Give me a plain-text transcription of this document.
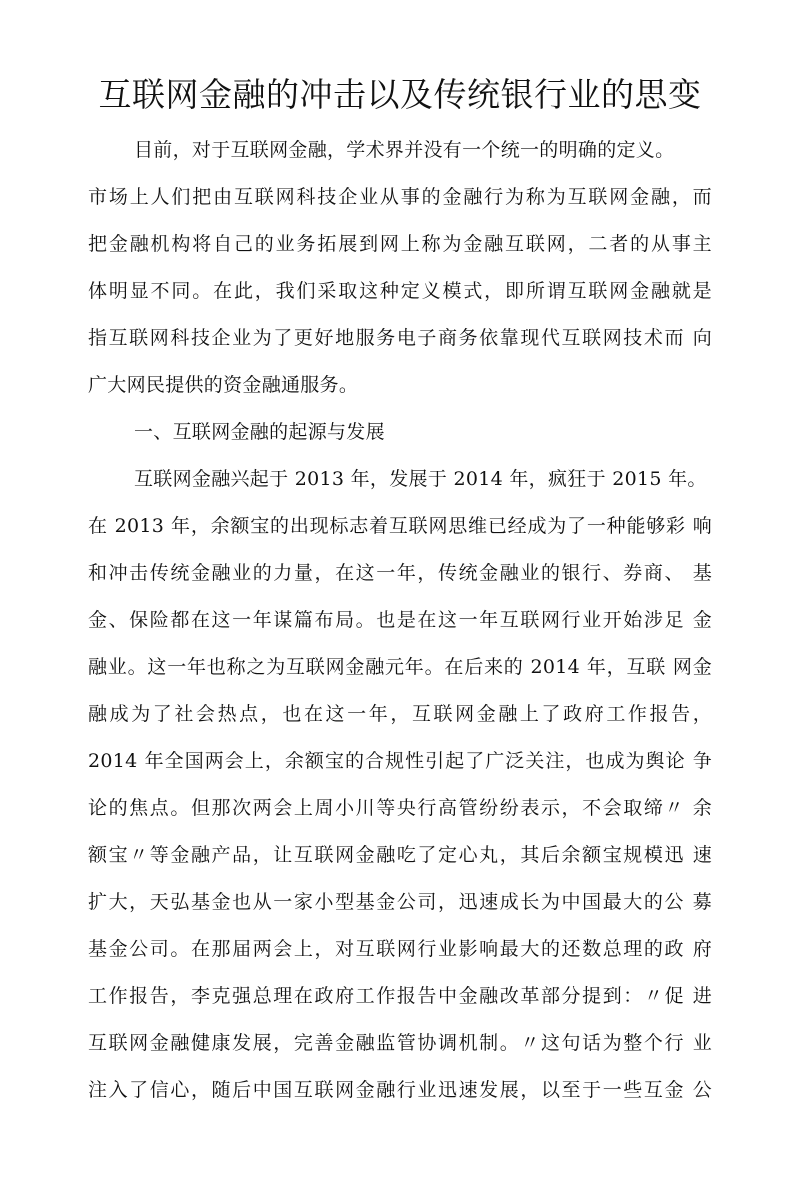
互联网金融的冲击以及传统银行业的思变
目前，对于互联网金融，学术界并没有一个统一的明确的定义。
市场上人们把由互联网科技企业从事的金融行为称为互联网金融，而
把金融机构将自己的业务拓展到网上称为金融互联网，二者的从事主
体明显不同。在此，我们采取这种定义模式，即所谓互联网金融就是
指互联网科技企业为了更好地服务电子商务依靠现代互联网技术而 向
广大网民提供的资金融通服务。
一、互联网金融的起源与发展
互联网金融兴起于 2013 年，发展于 2014 年，疯狂于 2015 年。
在 2013 年，余额宝的出现标志着互联网思维已经成为了一种能够彩 响
和冲击传统金融业的力量，在这一年，传统金融业的银行、券商、 基
金、保险都在这一年谋篇布局。也是在这一年互联网行业开始涉足 金
融业。这一年也称之为互联网金融元年。在后来的 2014 年，互联 网金
融成为了社会热点，也在这一年，互联网金融上了政府工作报告，
2014 年全国两会上，余额宝的合规性引起了广泛关注，也成为舆论 争
论的焦点。但那次两会上周小川等央行高管纷纷表示，不会取缔〃 余
额宝〃等金融产品，让互联网金融吃了定心丸，其后余额宝规模迅 速
扩大，天弘基金也从一家小型基金公司，迅速成长为中国最大的公 募
基金公司。在那届两会上，对互联网行业影响最大的还数总理的政 府
工作报告，李克强总理在政府工作报告中金融改革部分提到：〃促 进
互联网金融健康发展，完善金融监管协调机制。〃这句话为整个行 业
注入了信心，随后中国互联网金融行业迅速发展，以至于一些互金 公
